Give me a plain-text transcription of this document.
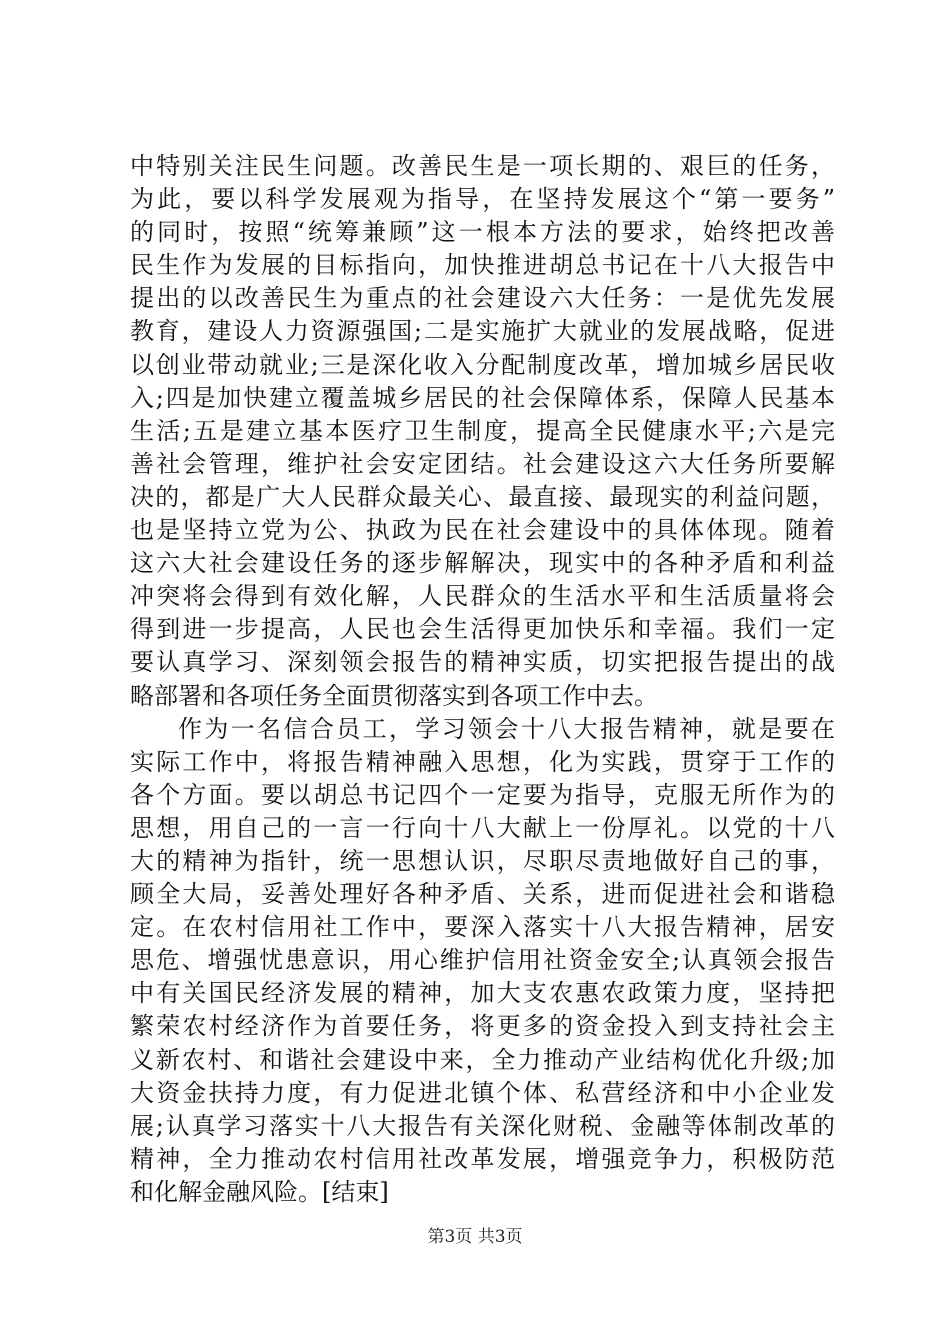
中特别关注民生问题。改善民生是一项长期的、艰巨的任务，
为此，要以科学发展观为指导，在坚持发展这个“第一要务”
的同时，按照“统筹兼顾”这一根本方法的要求，始终把改善
民生作为发展的目标指向，加快推进胡总书记在十八大报告中
提出的以改善民生为重点的社会建设六大任务：一是优先发展
教育，建设人力资源强国;二是实施扩大就业的发展战略，促进
以创业带动就业;三是深化收入分配制度改革，增加城乡居民收
入;四是加快建立覆盖城乡居民的社会保障体系，保障人民基本
生活;五是建立基本医疗卫生制度，提高全民健康水平;六是完
善社会管理，维护社会安定团结。社会建设这六大任务所要解
决的，都是广大人民群众最关心、最直接、最现实的利益问题，
也是坚持立党为公、执政为民在社会建设中的具体体现。随着
这六大社会建设任务的逐步解解决，现实中的各种矛盾和利益
冲突将会得到有效化解，人民群众的生活水平和生活质量将会
得到进一步提高，人民也会生活得更加快乐和幸福。我们一定
要认真学习、深刻领会报告的精神实质，切实把报告提出的战
略部署和各项任务全面贯彻落实到各项工作中去。
作为一名信合员工，学习领会十八大报告精神，就是要在
实际工作中，将报告精神融入思想，化为实践，贯穿于工作的
各个方面。要以胡总书记四个一定要为指导，克服无所作为的
思想，用自己的一言一行向十八大献上一份厚礼。以党的十八
大的精神为指针，统一思想认识，尽职尽责地做好自己的事，
顾全大局，妥善处理好各种矛盾、关系，进而促进社会和谐稳
定。在农村信用社工作中，要深入落实十八大报告精神，居安
思危、增强忧患意识，用心维护信用社资金安全;认真领会报告
中有关国民经济发展的精神，加大支农惠农政策力度，坚持把
繁荣农村经济作为首要任务，将更多的资金投入到支持社会主
义新农村、和谐社会建设中来，全力推动产业结构优化升级;加
大资金扶持力度，有力促进北镇个体、私营经济和中小企业发
展;认真学习落实十八大报告有关深化财税、金融等体制改革的
精神，全力推动农村信用社改革发展，增强竞争力，积极防范
和化解金融风险。[结束]
第3页 共3页
